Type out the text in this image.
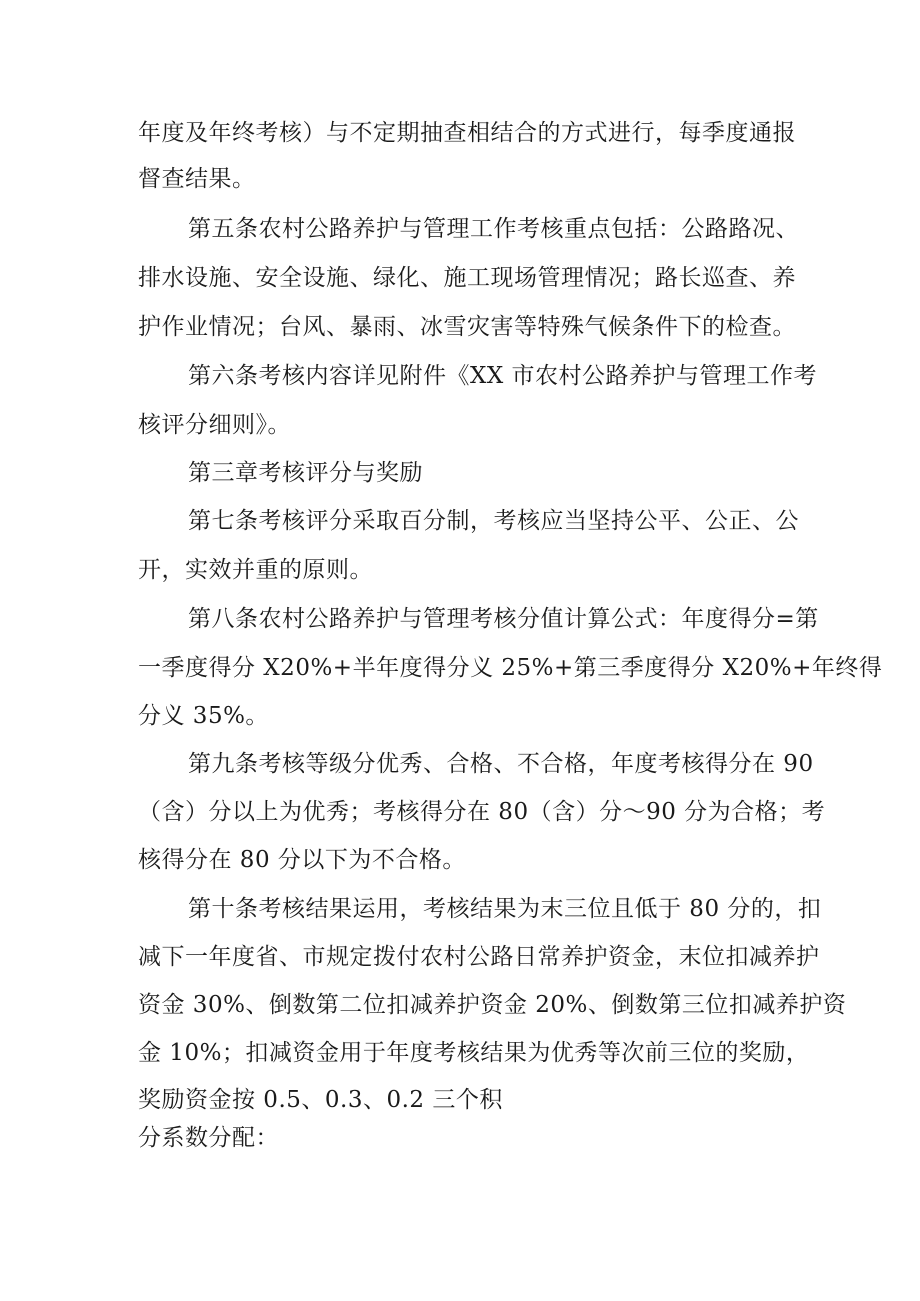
年度及年终考核）与不定期抽查相结合的方式进行，每季度通报
督查结果。
第五条农村公路养护与管理工作考核重点包括：公路路况、
排水设施、安全设施、绿化、施工现场管理情况；路长巡查、养
护作业情况；台风、暴雨、冰雪灾害等特殊气候条件下的检查。
第六条考核内容详见附件《XX 市农村公路养护与管理工作考
核评分细则》。
第三章考核评分与奖励
第七条考核评分采取百分制，考核应当坚持公平、公正、公
开，实效并重的原则。
第八条农村公路养护与管理考核分值计算公式：年度得分=第
一季度得分 X20%+半年度得分义 25%+第三季度得分 X20%+年终得
分义 35%。
第九条考核等级分优秀、合格、不合格，年度考核得分在 90
（含）分以上为优秀；考核得分在 80（含）分～90 分为合格；考
核得分在 80 分以下为不合格。
第十条考核结果运用，考核结果为末三位且低于 80 分的，扣
减下一年度省、市规定拨付农村公路日常养护资金，末位扣减养护
资金 30%、倒数第二位扣减养护资金 20%、倒数第三位扣减养护资
金 10%；扣减资金用于年度考核结果为优秀等次前三位的奖励，
奖励资金按 0.5、0.3、0.2 三个积
分系数分配：
